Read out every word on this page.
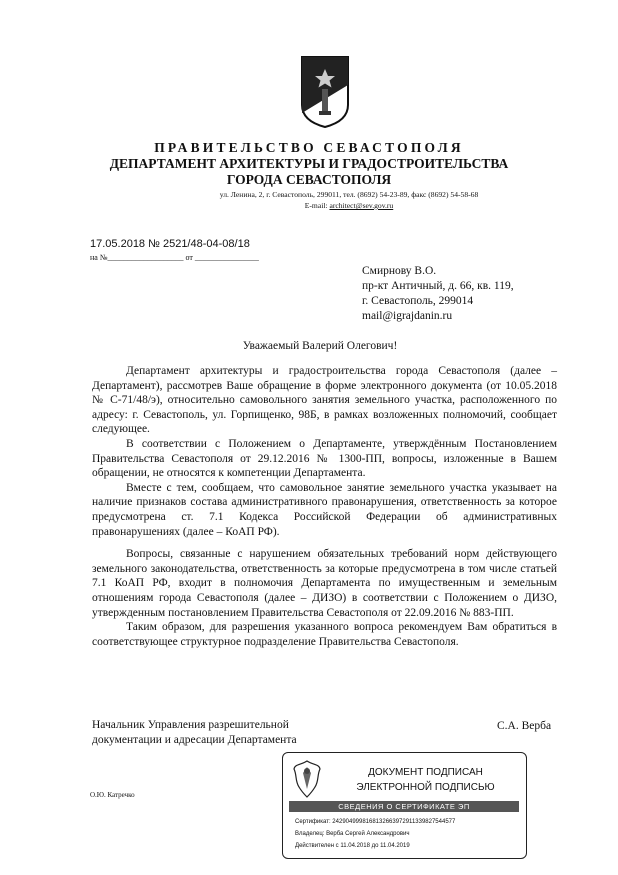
ПРАВИТЕЛЬСТВО СЕВАСТОПОЛЯ
ДЕПАРТАМЕНТ АРХИТЕКТУРЫ И ГРАДОСТРОИТЕЛЬСТВА
ГОРОДА СЕВАСТОПОЛЯ
ул. Ленина, 2, г. Севастополь, 299011, тел. (8692) 54-23-89, факс (8692) 54-58-68
E-mail: architect@sev.gov.ru
17.05.2018 № 2521/48-04-08/18
на №___________________ от ________________
Смирнову В.О.
пр-кт Античный, д. 66, кв. 119,
г. Севастополь, 299014
mail@igrajdanin.ru
Уважаемый Валерий Олегович!

Департамент архитектуры и градостроительства города Севастополя (далее – Департамент), рассмотрев Ваше обращение в форме электронного документа (от 10.05.2018 № С-71/48/э), относительно самовольного занятия земельного участка, расположенного по адресу: г. Севастополь, ул. Горпищенко, 98Б, в рамках возложенных полномочий, сообщает следующее.

В соответствии с Положением о Департаменте, утверждённым Постановлением Правительства Севастополя от 29.12.2016 № 1300-ПП, вопросы, изложенные в Вашем обращении, не относятся к компетенции Департамента.

Вместе с тем, сообщаем, что самовольное занятие земельного участка указывает на наличие признаков состава административного правонарушения, ответственность за которое предусмотрена ст. 7.1 Кодекса Российской Федерации об административных правонарушениях (далее – КоАП РФ).

Вопросы, связанные с нарушением обязательных требований норм действующего земельного законодательства, ответственность за которые предусмотрена в том числе статьей 7.1 КоАП РФ, входит в полномочия Департамента по имущественным и земельным отношениям города Севастополя (далее – ДИЗО) в соответствии с Положением о ДИЗО, утвержденным постановлением Правительства Севастополя от 22.09.2016 № 883-ПП.

Таким образом, для разрешения указанного вопроса рекомендуем Вам обратиться в соответствующее структурное подразделение Правительства Севастополя.

Начальник Управления разрешительной
документации и адресации Департамента
С.А. Верба
О.Ю. Катречко
ДОКУМЕНТ ПОДПИСАН
ЭЛЕКТРОННОЙ ПОДПИСЬЮ
СВЕДЕНИЯ О СЕРТИФИКАТЕ ЭП
Сертификат: 2429049998168132663972911339827544577
Владелец: Верба Сергей Александрович
Действителен с 11.04.2018 до 11.04.2019
